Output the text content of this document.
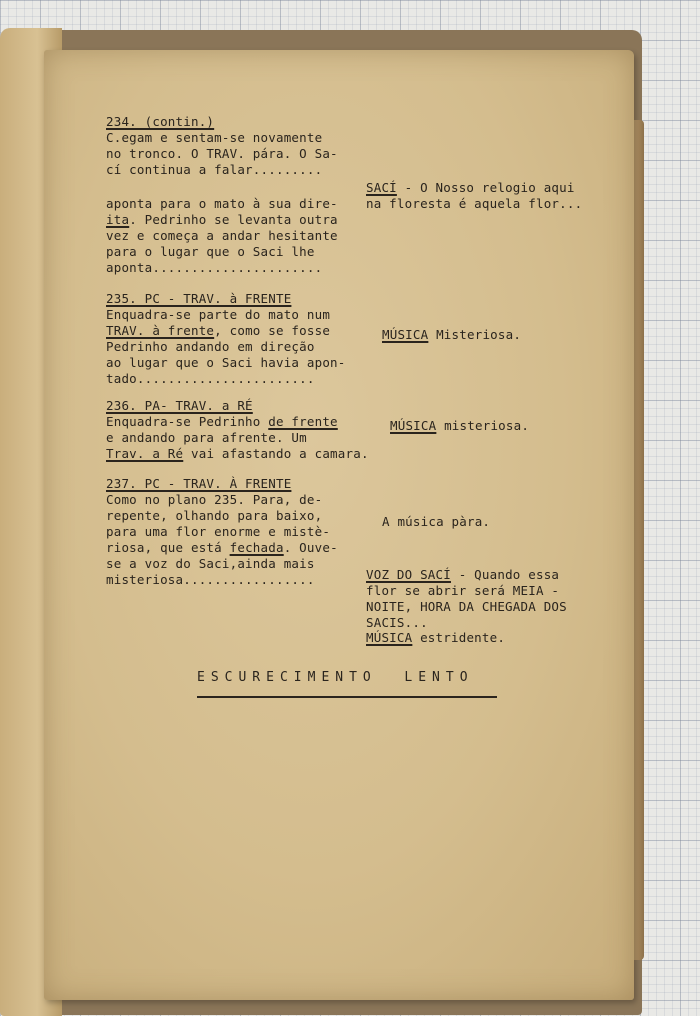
234. (contin.)
C.egam e sentam-se novamente
no tronco. O TRAV. pára. O Sa-
cí continua a falar.........
aponta para o mato à sua dire-
ita. Pedrinho se levanta outra
vez e começa a andar hesitante
para o lugar que o Saci lhe
aponta......................
235. PC - TRAV. à FRENTE
Enquadra-se parte do mato num
TRAV. à frente, como se fosse
Pedrinho andando em direção
ao lugar que o Saci havia apon-
tado.......................
236. PA- TRAV. a RÉ
Enquadra-se Pedrinho de frente
e andando para afrente. Um
Trav. a Ré vai afastando a camara.
237. PC - TRAV. À FRENTE
Como no plano 235. Para, de-
repente, olhando para baixo,
para uma flor enorme e mistè-
riosa, que está fechada. Ouve-
se a voz do Saci,ainda mais
misteriosa.................
SACÍ - O Nosso relogio aqui
na floresta é aquela flor...
MÚSICA Misteriosa.
MÚSICA misteriosa.
A música pàra.
VOZ DO SACÍ - Quando essa
flor se abrir será MEIA -
NOITE, HORA DA CHEGADA DOS
SACIS...
MÚSICA estridente.
ESCURECIMENTO  LENTO
